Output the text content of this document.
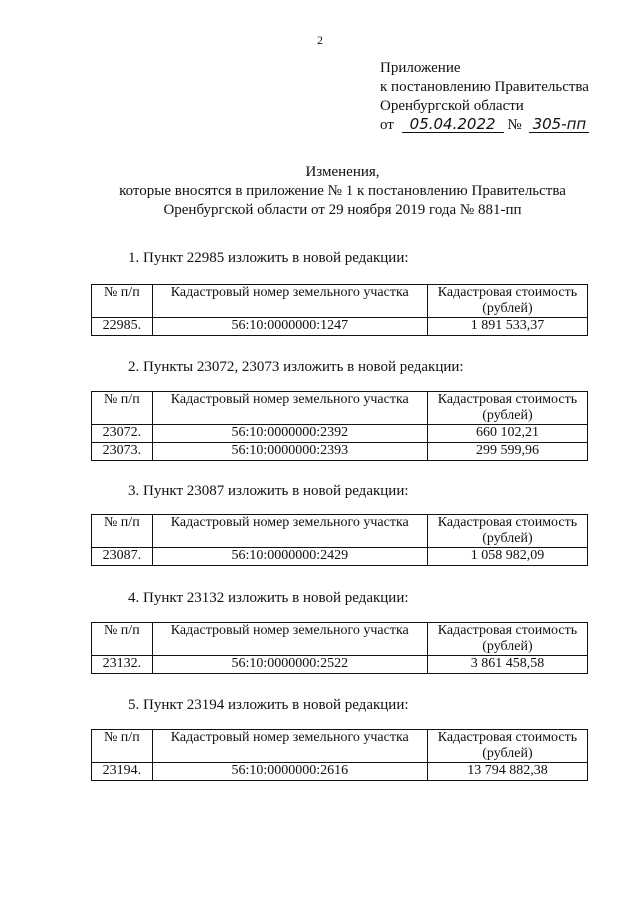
2
Приложение
к постановлению Правительства
Оренбургской области
от 05.04.2022 № 305-пп
Изменения,
которые вносятся в приложение № 1 к постановлению Правительства
Оренбургской области от 29 ноября 2019 года № 881-пп
1. Пункт 22985 изложить в новой редакции:
№ п/п	Кадастровый номер земельного участка	Кадастровая стоимость
(рублей)

22985.	56:10:0000000:1247	1 891 533,37
2. Пункты 23072, 23073 изложить в новой редакции:
№ п/п	Кадастровый номер земельного участка	Кадастровая стоимость
(рублей)

23072.	56:10:0000000:2392	660 102,21
23073.	56:10:0000000:2393	299 599,96
3. Пункт 23087 изложить в новой редакции:
№ п/п	Кадастровый номер земельного участка	Кадастровая стоимость
(рублей)

23087.	56:10:0000000:2429	1 058 982,09
4. Пункт 23132 изложить в новой редакции:
№ п/п	Кадастровый номер земельного участка	Кадастровая стоимость
(рублей)

23132.	56:10:0000000:2522	3 861 458,58
5. Пункт 23194 изложить в новой редакции:
№ п/п	Кадастровый номер земельного участка	Кадастровая стоимость
(рублей)

23194.	56:10:0000000:2616	13 794 882,38
